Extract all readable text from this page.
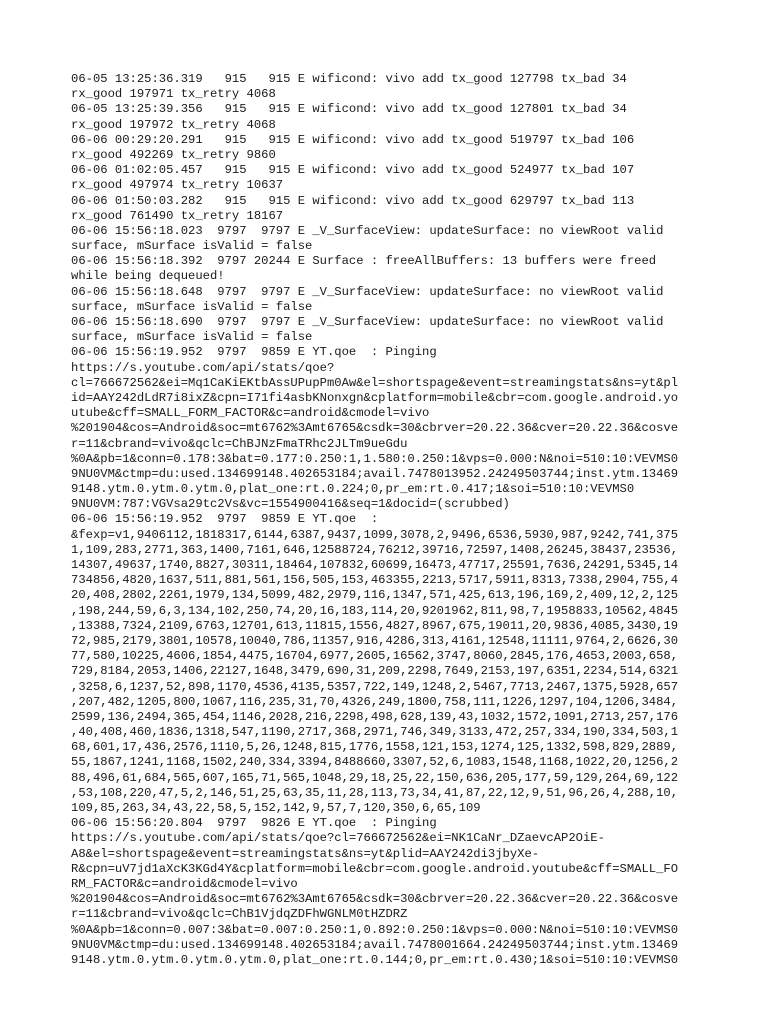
06-05 13:25:36.319   915   915 E wificond: vivo add tx_good 127798 tx_bad 34
rx_good 197971 tx_retry 4068
06-05 13:25:39.356   915   915 E wificond: vivo add tx_good 127801 tx_bad 34
rx_good 197972 tx_retry 4068
06-06 00:29:20.291   915   915 E wificond: vivo add tx_good 519797 tx_bad 106
rx_good 492269 tx_retry 9860
06-06 01:02:05.457   915   915 E wificond: vivo add tx_good 524977 tx_bad 107
rx_good 497974 tx_retry 10637
06-06 01:50:03.282   915   915 E wificond: vivo add tx_good 629797 tx_bad 113
rx_good 761490 tx_retry 18167
06-06 15:56:18.023  9797  9797 E _V_SurfaceView: updateSurface: no viewRoot valid
surface, mSurface isValid = false
06-06 15:56:18.392  9797 20244 E Surface : freeAllBuffers: 13 buffers were freed
while being dequeued!
06-06 15:56:18.648  9797  9797 E _V_SurfaceView: updateSurface: no viewRoot valid
surface, mSurface isValid = false
06-06 15:56:18.690  9797  9797 E _V_SurfaceView: updateSurface: no viewRoot valid
surface, mSurface isValid = false
06-06 15:56:19.952  9797  9859 E YT.qoe  : Pinging
https://s.youtube.com/api/stats/qoe?
cl=766672562&ei=Mq1CaKiEKtbAssUPupPm0Aw&el=shortspage&event=streamingstats&ns=yt&pl
id=AAY242dLdR7i8ixZ&cpn=I71fi4asbKNonxgn&cplatform=mobile&cbr=com.google.android.yo
utube&cff=SMALL_FORM_FACTOR&c=android&cmodel=vivo
%201904&cos=Android&soc=mt6762%3Amt6765&csdk=30&cbrver=20.22.36&cver=20.22.36&cosve
r=11&cbrand=vivo&qclc=ChBJNzFmaTRhc2JLTm9ueGdu
%0A&pb=1&conn=0.178:3&bat=0.177:0.250:1,1.580:0.250:1&vps=0.000:N&noi=510:10:VEVMS0
9NU0VM&ctmp=du:used.134699148.402653184;avail.7478013952.24249503744;inst.ytm.13469
9148.ytm.0.ytm.0.ytm.0,plat_one:rt.0.224;0,pr_em:rt.0.417;1&soi=510:10:VEVMS0
9NU0VM:787:VGVsa29tc2Vs&vc=1554900416&seq=1&docid=(scrubbed)
06-06 15:56:19.952  9797  9859 E YT.qoe  :
&fexp=v1,9406112,1818317,6144,6387,9437,1099,3078,2,9496,6536,5930,987,9242,741,375
1,109,283,2771,363,1400,7161,646,12588724,76212,39716,72597,1408,26245,38437,23536,
14307,49637,1740,8827,30311,18464,107832,60699,16473,47717,25591,7636,24291,5345,14
734856,4820,1637,511,881,561,156,505,153,463355,2213,5717,5911,8313,7338,2904,755,4
20,408,2802,2261,1979,134,5099,482,2979,116,1347,571,425,613,196,169,2,409,12,2,125
,198,244,59,6,3,134,102,250,74,20,16,183,114,20,9201962,811,98,7,1958833,10562,4845
,13388,7324,2109,6763,12701,613,11815,1556,4827,8967,675,19011,20,9836,4085,3430,19
72,985,2179,3801,10578,10040,786,11357,916,4286,313,4161,12548,11111,9764,2,6626,30
77,580,10225,4606,1854,4475,16704,6977,2605,16562,3747,8060,2845,176,4653,2003,658,
729,8184,2053,1406,22127,1648,3479,690,31,209,2298,7649,2153,197,6351,2234,514,6321
,3258,6,1237,52,898,1170,4536,4135,5357,722,149,1248,2,5467,7713,2467,1375,5928,657
,207,482,1205,800,1067,116,235,31,70,4326,249,1800,758,111,1226,1297,104,1206,3484,
2599,136,2494,365,454,1146,2028,216,2298,498,628,139,43,1032,1572,1091,2713,257,176
,40,408,460,1836,1318,547,1190,2717,368,2971,746,349,3133,472,257,334,190,334,503,1
68,601,17,436,2576,1110,5,26,1248,815,1776,1558,121,153,1274,125,1332,598,829,2889,
55,1867,1241,1168,1502,240,334,3394,8488660,3307,52,6,1083,1548,1168,1022,20,1256,2
88,496,61,684,565,607,165,71,565,1048,29,18,25,22,150,636,205,177,59,129,264,69,122
,53,108,220,47,5,2,146,51,25,63,35,11,28,113,73,34,41,87,22,12,9,51,96,26,4,288,10,
109,85,263,34,43,22,58,5,152,142,9,57,7,120,350,6,65,109
06-06 15:56:20.804  9797  9826 E YT.qoe  : Pinging
https://s.youtube.com/api/stats/qoe?cl=766672562&ei=NK1CaNr_DZaevcAP2OiE-
A8&el=shortspage&event=streamingstats&ns=yt&plid=AAY242di3jbyXe-
R&cpn=uV7jd1aXcK3KGd4Y&cplatform=mobile&cbr=com.google.android.youtube&cff=SMALL_FO
RM_FACTOR&c=android&cmodel=vivo
%201904&cos=Android&soc=mt6762%3Amt6765&csdk=30&cbrver=20.22.36&cver=20.22.36&cosve
r=11&cbrand=vivo&qclc=ChB1VjdqZDFhWGNLM0tHZDRZ
%0A&pb=1&conn=0.007:3&bat=0.007:0.250:1,0.892:0.250:1&vps=0.000:N&noi=510:10:VEVMS0
9NU0VM&ctmp=du:used.134699148.402653184;avail.7478001664.24249503744;inst.ytm.13469
9148.ytm.0.ytm.0.ytm.0.ytm.0,plat_one:rt.0.144;0,pr_em:rt.0.430;1&soi=510:10:VEVMS0
